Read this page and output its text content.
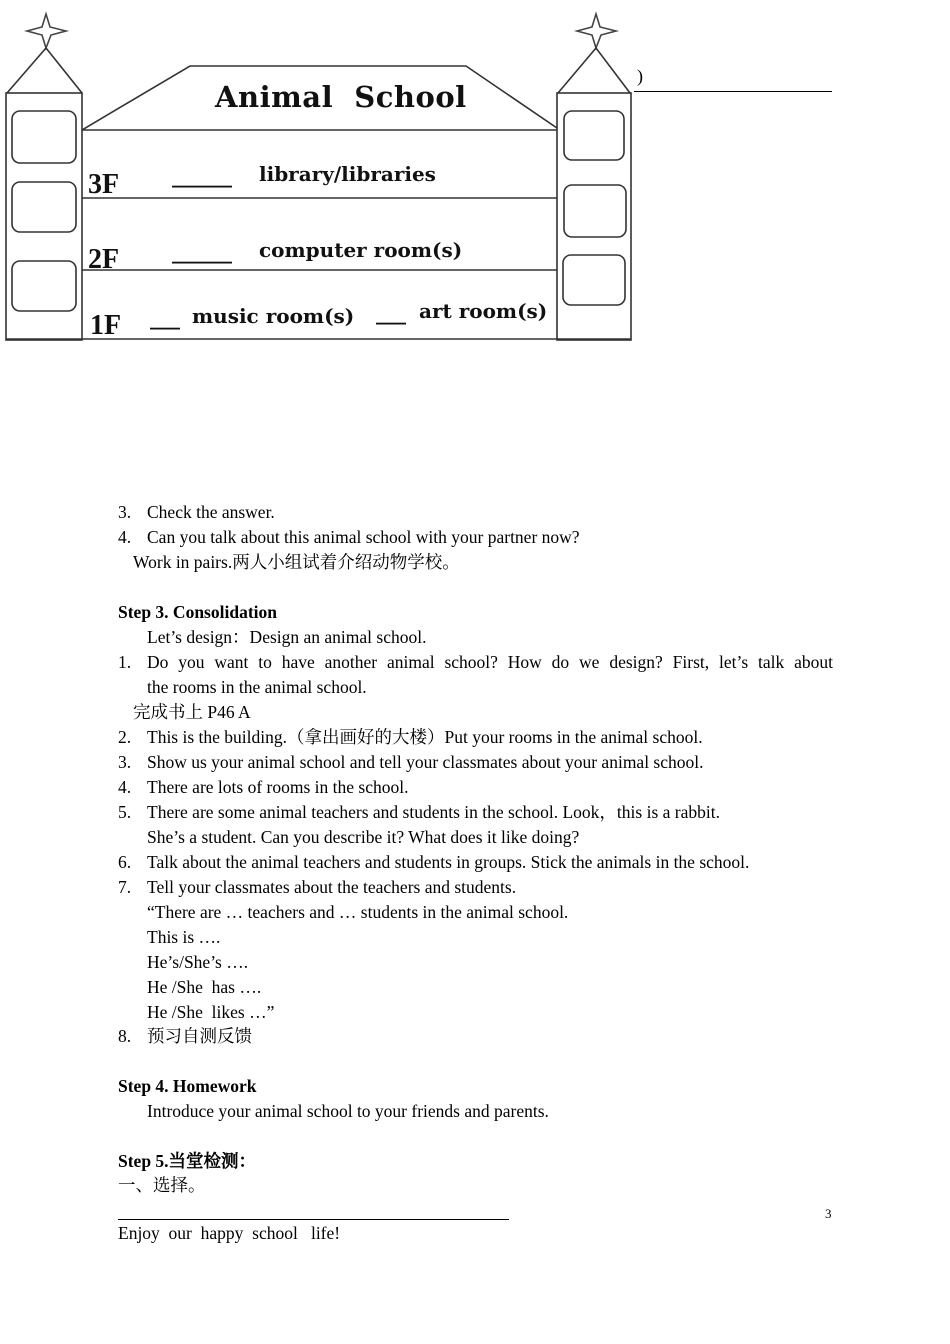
Animal  School
3F	______ library/libraries
2F	______ computer room(s)
1F ___ music room(s) ___ art room(s)
)
3. Check the answer.
4. Can you talk about this animal school with your partner now?
Work in pairs.两人小组试着介绍动物学校。
Step 3. Consolidation
Let’s design：Design an animal school.
1. Do you want to have another animal school? How do we design? First, let’s talk about
the rooms in the animal school.
完成书上 P46 A
2. This is the building.（拿出画好的大楼）Put your rooms in the animal school.
3. Show us your animal school and tell your classmates about your animal school.
4. There are lots of rooms in the school.
5. There are some animal teachers and students in the school. Look，this is a rabbit.
She’s a student. Can you describe it? What does it like doing?
6. Talk about the animal teachers and students in groups. Stick the animals in the school.
7. Tell your classmates about the teachers and students.
“There are … teachers and … students in the animal school.
This is ….
He’s/She’s ….
He /She  has ….
He /She  likes …”
8. 预习自测反馈
Step 4. Homework
Introduce your animal school to your friends and parents.
Step 5.当堂检测：
一、选择。
3
Enjoy  our  happy  school   life!
